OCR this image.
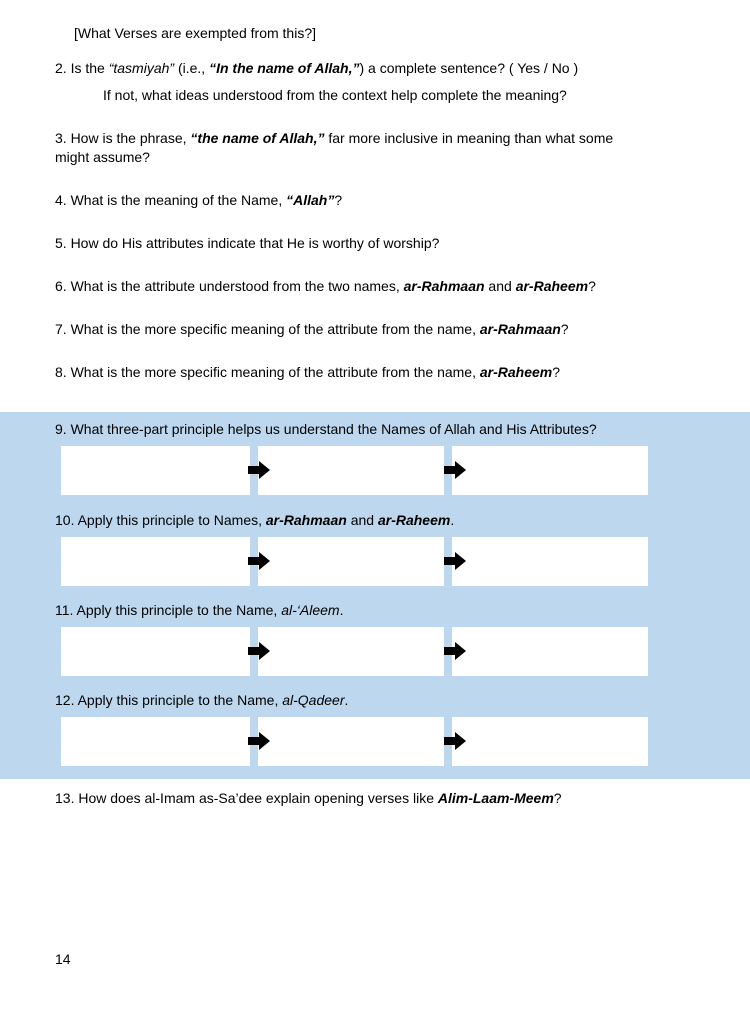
[What Verses are exempted from this?]
2. Is the “tasmiyah” (i.e., “In the name of Allah,”) a complete sentence? ( Yes / No )
If not, what ideas understood from the context help complete the meaning?
3. How is the phrase, “the name of Allah,” far more inclusive in meaning than what some
might assume?
4. What is the meaning of the Name, “Allah”?
5. How do His attributes indicate that He is worthy of worship?
6. What is the attribute understood from the two names, ar-Rahmaan and ar-Raheem?
7. What is the more specific meaning of the attribute from the name, ar-Rahmaan?
8. What is the more specific meaning of the attribute from the name, ar-Raheem?
9. What three-part principle helps us understand the Names of Allah and His Attributes?
10. Apply this principle to Names, ar-Rahmaan and ar-Raheem.
11. Apply this principle to the Name, al-‘Aleem.
12. Apply this principle to the Name, al-Qadeer.
13. How does al-Imam as-Sa’dee explain opening verses like Alim-Laam-Meem?
14
